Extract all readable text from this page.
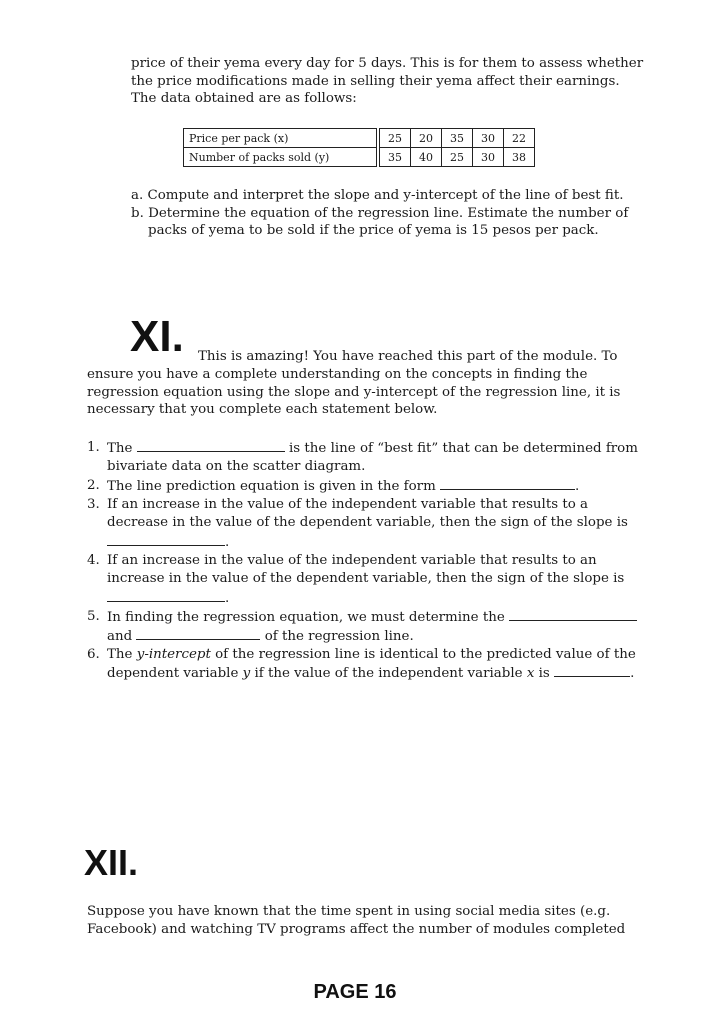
price of their yema every day for 5 days. This is for them to assess whether
the price modifications made in selling their yema affect their earnings.
The data obtained are as follows:
Price per pack (x)		25	20	35	30	22
Number of packs sold (y)		35	40	25	30	38
a. Compute and interpret the slope and y-intercept of the line of best fit.
b. Determine the equation of the regression line. Estimate the number of
packs of yema to be sold if the price of yema is 15 pesos per pack.
XI. This is amazing! You have reached this part of the module. To
ensure you have a complete understanding on the concepts in finding the
regression equation using the slope and y-intercept of the regression line, it is
necessary that you complete each statement below.
1. The	is the line of “best fit” that can be determined from
bivariate data on the scatter diagram.
2. The line prediction equation is given in the form	.
3. If an increase in the value of the independent variable that results to a
decrease in the value of the dependent variable, then the sign of the slope is
.
4. If an increase in the value of the independent variable that results to an
increase in the value of the dependent variable, then the sign of the slope is
.
5. In finding the regression equation, we must determine the
and	of the regression line.
6. The y-intercept of the regression line is identical to the predicted value of the
dependent variable y if the value of the independent variable x is	.
XII.
Suppose you have known that the time spent in using social media sites (e.g.
Facebook) and watching TV programs affect the number of modules completed
PAGE 16
